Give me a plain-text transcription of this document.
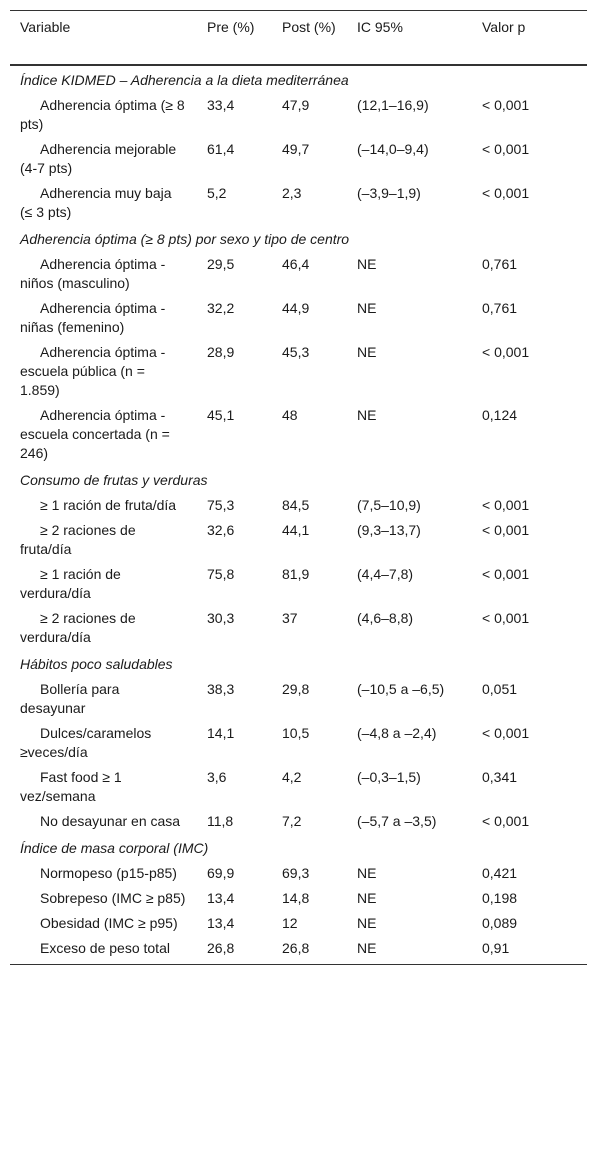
Variable	Pre (%)	Post (%)	IC 95%	Valor p
Índice KIDMED – Adherencia a la dieta mediterránea				
Adherencia óptima (≥ 8 pts)	33,4	47,9	(12,1–16,9)	< 0,001
Adherencia mejorable (4-7 pts)	61,4	49,7	(–14,0–9,4)	< 0,001
Adherencia muy baja (≤ 3 pts)	5,2	2,3	(–3,9–1,9)	< 0,001
Adherencia óptima (≥ 8 pts) por sexo y tipo de centro				
Adherencia óptima - niños (masculino)	29,5	46,4	NE	0,761
Adherencia óptima - niñas (femenino)	32,2	44,9	NE	0,761
Adherencia óptima - escuela pública (n = 1.859)	28,9	45,3	NE	< 0,001
Adherencia óptima - escuela concertada (n = 246)	45,1	48	NE	0,124
Consumo de frutas y verduras				
≥ 1 ración de fruta/día	75,3	84,5	(7,5–10,9)	< 0,001
≥ 2 raciones de fruta/día	32,6	44,1	(9,3–13,7)	< 0,001
≥ 1 ración de verdura/día	75,8	81,9	(4,4–7,8)	< 0,001
≥ 2 raciones de verdura/día	30,3	37	(4,6–8,8)	< 0,001
Hábitos poco saludables				
Bollería para desayunar	38,3	29,8	(–10,5 a –6,5)	0,051
Dulces/caramelos ≥veces/día	14,1	10,5	(–4,8 a –2,4)	< 0,001
Fast food ≥ 1 vez/semana	3,6	4,2	(–0,3–1,5)	0,341
No desayunar en casa	11,8	7,2	(–5,7 a –3,5)	< 0,001
Índice de masa corporal (IMC)				
Normopeso (p15-p85)	69,9	69,3	NE	0,421
Sobrepeso (IMC ≥ p85)	13,4	14,8	NE	0,198
Obesidad (IMC ≥ p95)	13,4	12	NE	0,089
Exceso de peso total	26,8	26,8	NE	0,91
